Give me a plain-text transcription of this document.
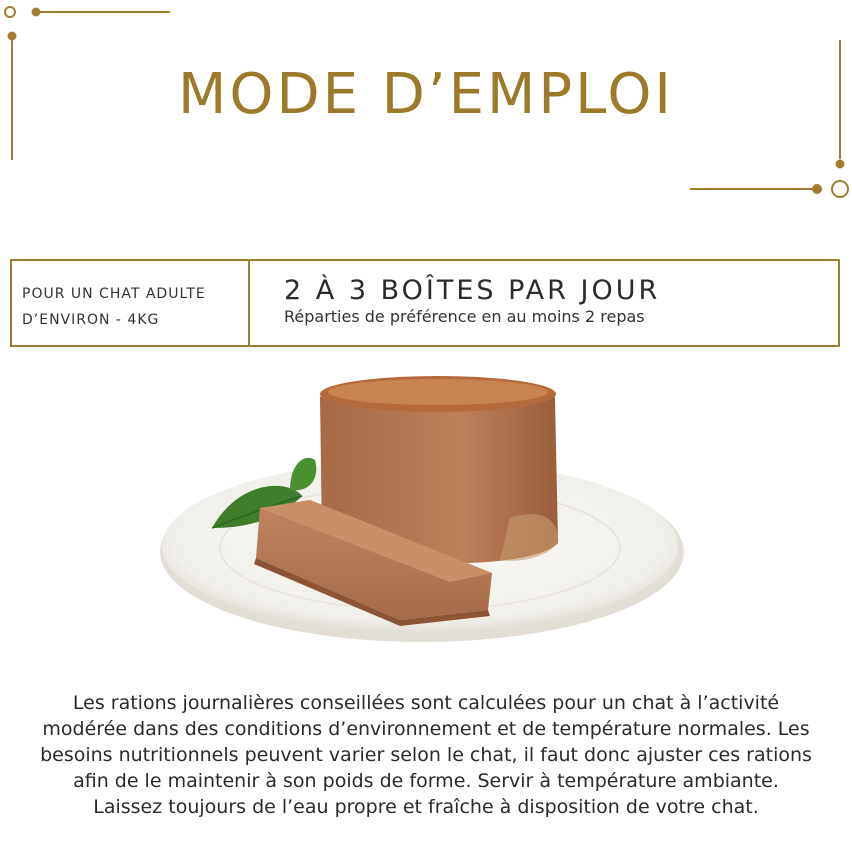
MODE D’EMPLOI
POUR UN CHAT ADULTE
D’ENVIRON - 4KG
2 À 3 BOÎTES PAR JOUR
Réparties de préférence en au moins 2 repas

Les rations journalières conseillées sont calculées pour un chat à l’activité modérée dans des conditions d’environnement et de température normales. Les besoins nutritionnels peuvent varier selon le chat, il faut donc ajuster ces rations afin de le maintenir à son poids de forme. Servir à température ambiante. Laissez toujours de l’eau propre et fraîche à disposition de votre chat.
